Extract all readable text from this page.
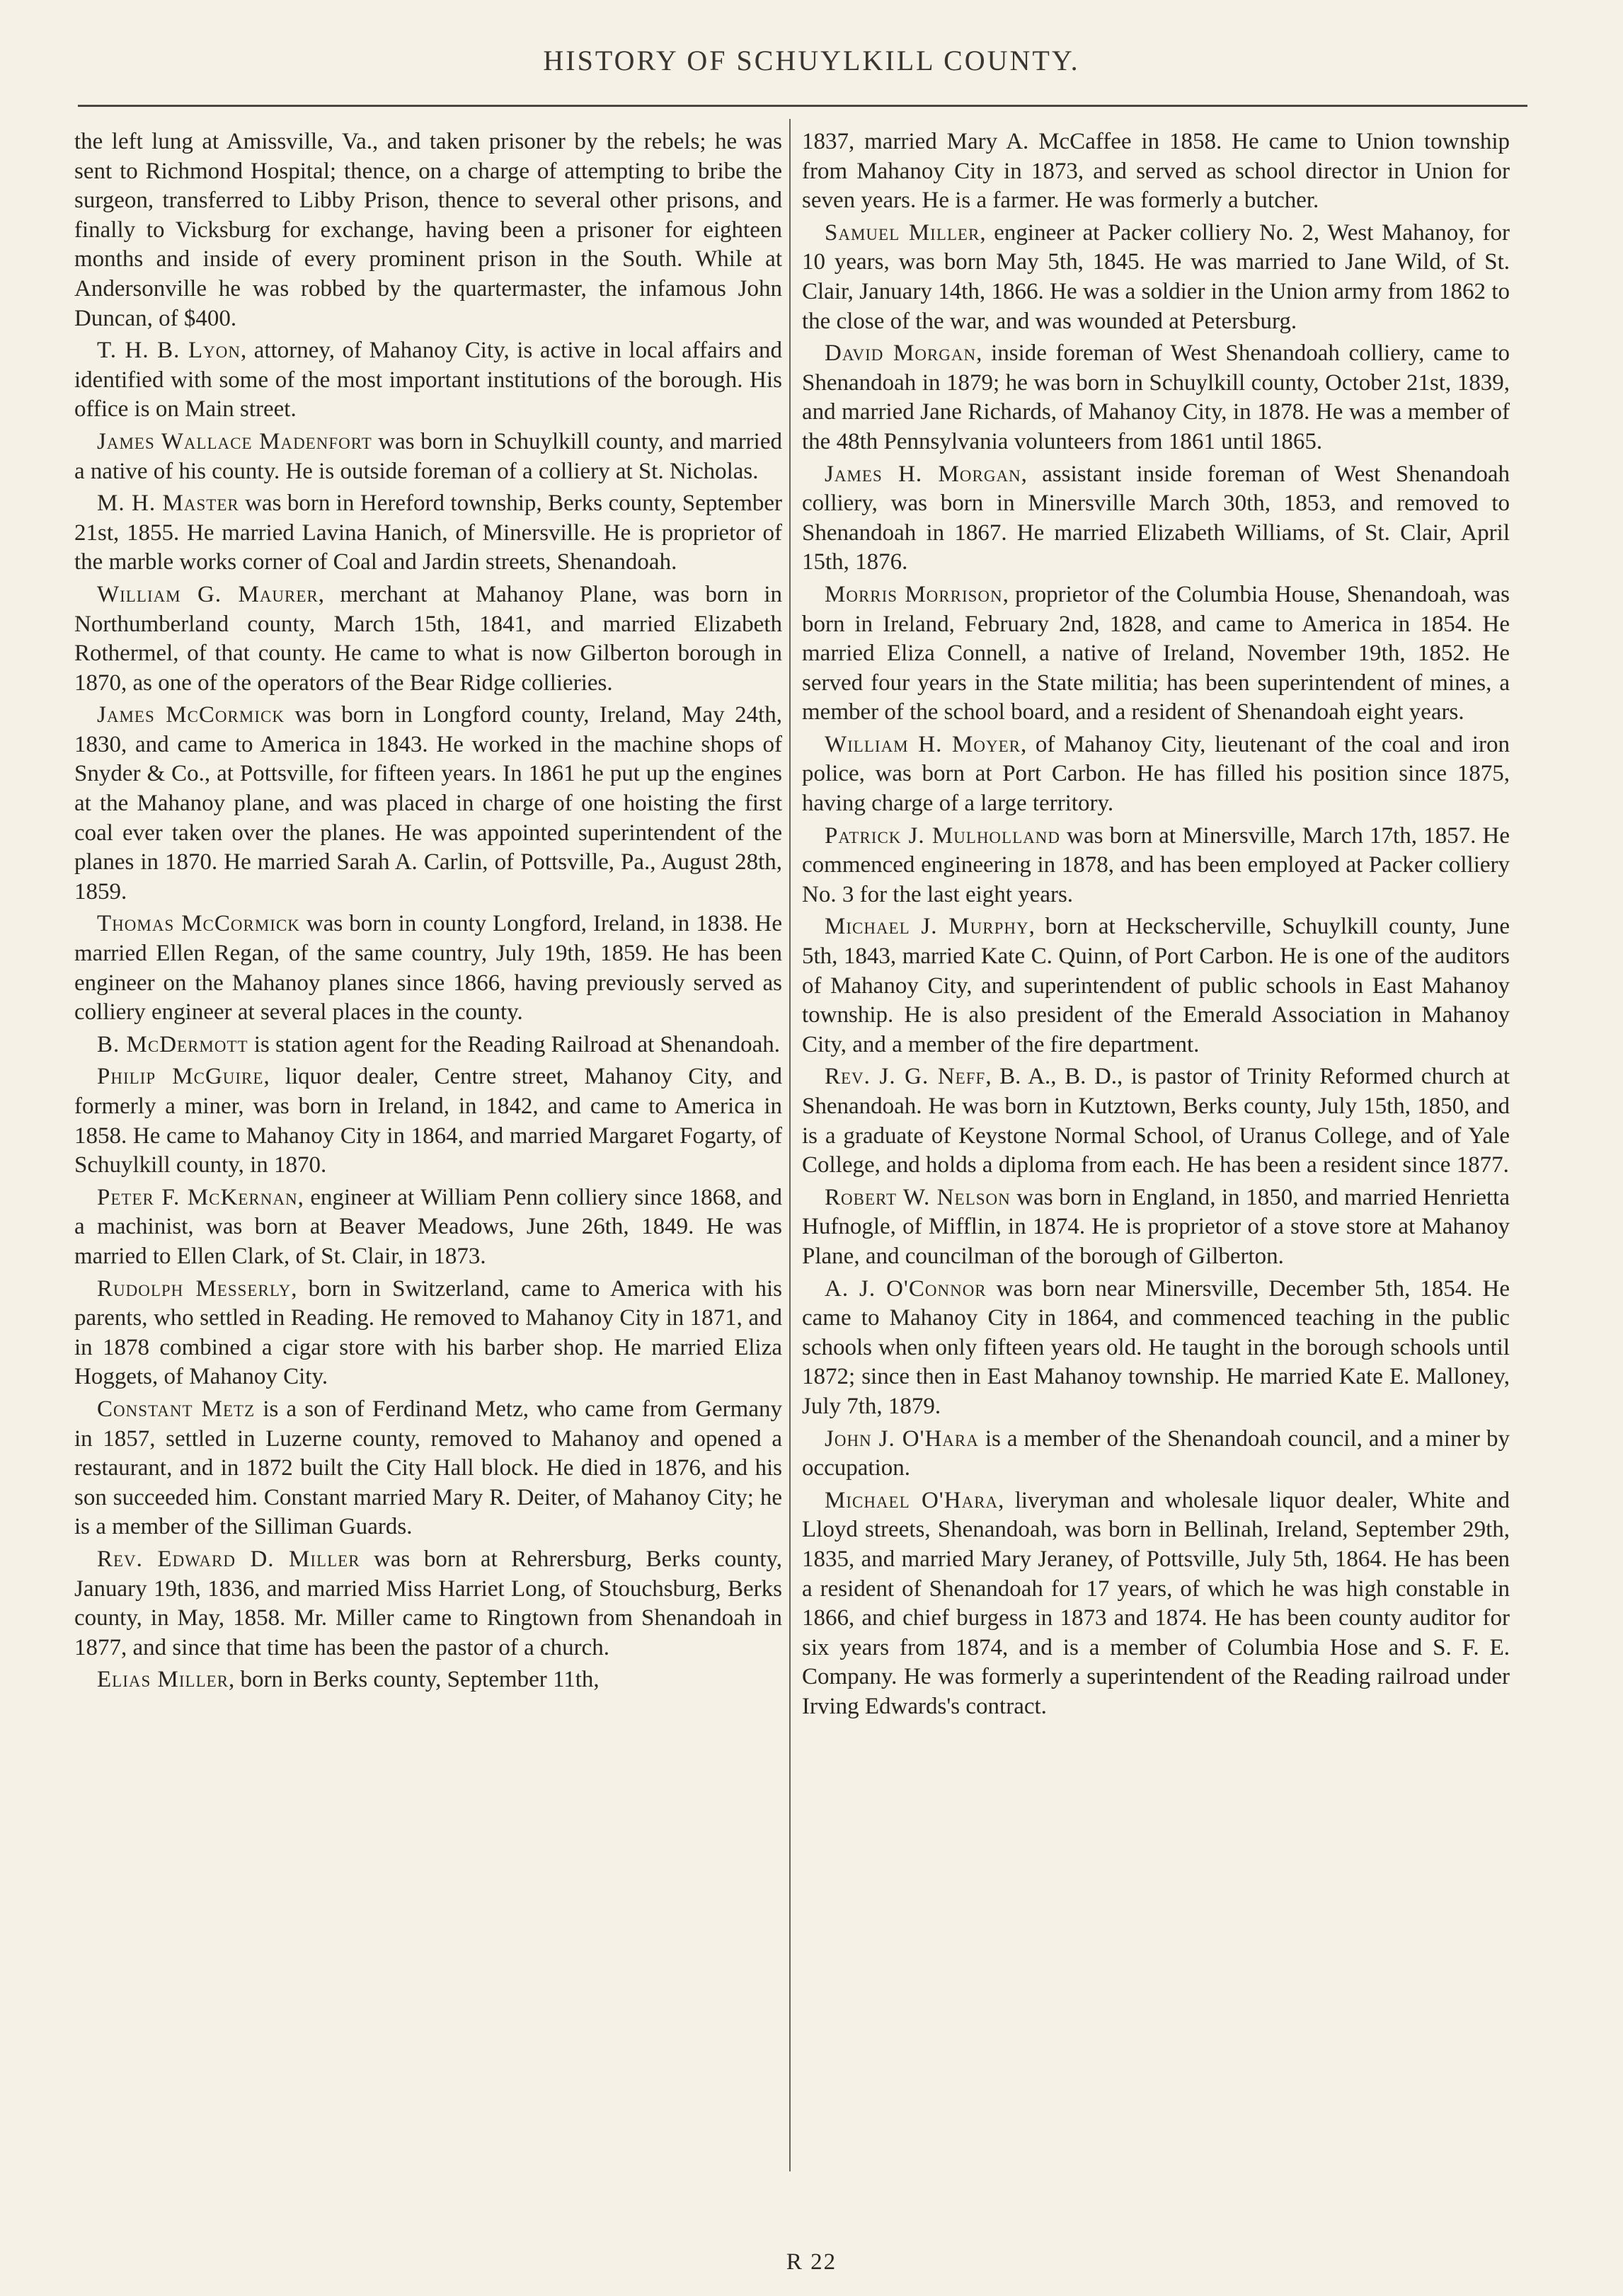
HISTORY OF SCHUYLKILL COUNTY.

the left lung at Amissville, Va., and taken prisoner by the rebels; he was sent to Richmond Hospital; thence, on a charge of attempting to bribe the surgeon, transferred to Libby Prison, thence to several other prisons, and finally to Vicksburg for exchange, having been a prisoner for eighteen months and inside of every prominent prison in the South. While at Andersonville he was robbed by the quartermaster, the infamous John Duncan, of $400.

T. H. B. Lyon, attorney, of Mahanoy City, is active in local affairs and identified with some of the most important institutions of the borough. His office is on Main street.

James Wallace Madenfort was born in Schuylkill county, and married a native of his county. He is outside foreman of a colliery at St. Nicholas.

M. H. Master was born in Hereford township, Berks county, September 21st, 1855. He married Lavina Hanich, of Minersville. He is proprietor of the marble works corner of Coal and Jardin streets, Shenandoah.

William G. Maurer, merchant at Mahanoy Plane, was born in Northumberland county, March 15th, 1841, and married Elizabeth Rothermel, of that county. He came to what is now Gilberton borough in 1870, as one of the operators of the Bear Ridge collieries.

James McCormick was born in Longford county, Ireland, May 24th, 1830, and came to America in 1843. He worked in the machine shops of Snyder & Co., at Pottsville, for fifteen years. In 1861 he put up the engines at the Mahanoy plane, and was placed in charge of one hoisting the first coal ever taken over the planes. He was appointed superintendent of the planes in 1870. He married Sarah A. Carlin, of Pottsville, Pa., August 28th, 1859.

Thomas McCormick was born in county Longford, Ireland, in 1838. He married Ellen Regan, of the same country, July 19th, 1859. He has been engineer on the Mahanoy planes since 1866, having previously served as colliery engineer at several places in the county.

B. McDermott is station agent for the Reading Railroad at Shenandoah.

Philip McGuire, liquor dealer, Centre street, Mahanoy City, and formerly a miner, was born in Ireland, in 1842, and came to America in 1858. He came to Mahanoy City in 1864, and married Margaret Fogarty, of Schuylkill county, in 1870.

Peter F. McKernan, engineer at William Penn colliery since 1868, and a machinist, was born at Beaver Meadows, June 26th, 1849. He was married to Ellen Clark, of St. Clair, in 1873.

Rudolph Messerly, born in Switzerland, came to America with his parents, who settled in Reading. He removed to Mahanoy City in 1871, and in 1878 combined a cigar store with his barber shop. He married Eliza Hoggets, of Mahanoy City.

Constant Metz is a son of Ferdinand Metz, who came from Germany in 1857, settled in Luzerne county, removed to Mahanoy and opened a restaurant, and in 1872 built the City Hall block. He died in 1876, and his son succeeded him. Constant married Mary R. Deiter, of Mahanoy City; he is a member of the Silliman Guards.

Rev. Edward D. Miller was born at Rehrersburg, Berks county, January 19th, 1836, and married Miss Harriet Long, of Stouchsburg, Berks county, in May, 1858. Mr. Miller came to Ringtown from Shenandoah in 1877, and since that time has been the pastor of a church.

Elias Miller, born in Berks county, September 11th,

1837, married Mary A. McCaffee in 1858. He came to Union township from Mahanoy City in 1873, and served as school director in Union for seven years. He is a farmer. He was formerly a butcher.

Samuel Miller, engineer at Packer colliery No. 2, West Mahanoy, for 10 years, was born May 5th, 1845. He was married to Jane Wild, of St. Clair, January 14th, 1866. He was a soldier in the Union army from 1862 to the close of the war, and was wounded at Petersburg.

David Morgan, inside foreman of West Shenandoah colliery, came to Shenandoah in 1879; he was born in Schuylkill county, October 21st, 1839, and married Jane Richards, of Mahanoy City, in 1878. He was a member of the 48th Pennsylvania volunteers from 1861 until 1865.

James H. Morgan, assistant inside foreman of West Shenandoah colliery, was born in Minersville March 30th, 1853, and removed to Shenandoah in 1867. He married Elizabeth Williams, of St. Clair, April 15th, 1876.

Morris Morrison, proprietor of the Columbia House, Shenandoah, was born in Ireland, February 2nd, 1828, and came to America in 1854. He married Eliza Connell, a native of Ireland, November 19th, 1852. He served four years in the State militia; has been superintendent of mines, a member of the school board, and a resident of Shenandoah eight years.

William H. Moyer, of Mahanoy City, lieutenant of the coal and iron police, was born at Port Carbon. He has filled his position since 1875, having charge of a large territory.

Patrick J. Mulholland was born at Minersville, March 17th, 1857. He commenced engineering in 1878, and has been employed at Packer colliery No. 3 for the last eight years.

Michael J. Murphy, born at Heckscherville, Schuylkill county, June 5th, 1843, married Kate C. Quinn, of Port Carbon. He is one of the auditors of Mahanoy City, and superintendent of public schools in East Mahanoy township. He is also president of the Emerald Association in Mahanoy City, and a member of the fire department.

Rev. J. G. Neff, B. A., B. D., is pastor of Trinity Reformed church at Shenandoah. He was born in Kutztown, Berks county, July 15th, 1850, and is a graduate of Keystone Normal School, of Uranus College, and of Yale College, and holds a diploma from each. He has been a resident since 1877.

Robert W. Nelson was born in England, in 1850, and married Henrietta Hufnogle, of Mifflin, in 1874. He is proprietor of a stove store at Mahanoy Plane, and councilman of the borough of Gilberton.

A. J. O'Connor was born near Minersville, December 5th, 1854. He came to Mahanoy City in 1864, and commenced teaching in the public schools when only fifteen years old. He taught in the borough schools until 1872; since then in East Mahanoy township. He married Kate E. Malloney, July 7th, 1879.

John J. O'Hara is a member of the Shenandoah council, and a miner by occupation.

Michael O'Hara, liveryman and wholesale liquor dealer, White and Lloyd streets, Shenandoah, was born in Bellinah, Ireland, September 29th, 1835, and married Mary Jeraney, of Pottsville, July 5th, 1864. He has been a resident of Shenandoah for 17 years, of which he was high constable in 1866, and chief burgess in 1873 and 1874. He has been county auditor for six years from 1874, and is a member of Columbia Hose and S. F. E. Company. He was formerly a superintendent of the Reading railroad under Irving Edwards's contract.

R 22
